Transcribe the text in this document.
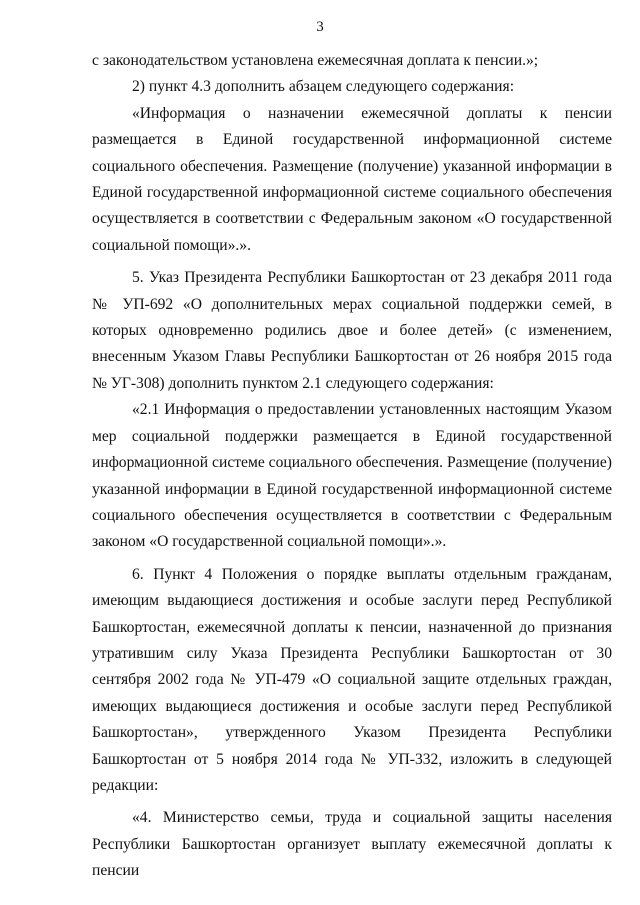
3

с законодательством установлена ежемесячная доплата к пенсии.»;

2) пункт 4.3 дополнить абзацем следующего содержания:

«Информация о назначении ежемесячной доплаты к пенсии размещается в Единой государственной информационной системе социального обеспечения. Размещение (получение) указанной информации в Единой государственной информационной системе социального обеспечения осуществляется в соответствии с Федеральным законом «О государственной социальной помощи».».

5. Указ Президента Республики Башкортостан от 23 декабря 2011 года № УП-692 «О дополнительных мерах социальной поддержки семей, в которых одновременно родились двое и более детей» (с изменением, внесенным Указом Главы Республики Башкортостан от 26 ноября 2015 года № УГ-308) дополнить пунктом 2.1 следующего содержания:

«2.1 Информация о предоставлении установленных настоящим Указом мер социальной поддержки размещается в Единой государственной информационной системе социального обеспечения. Размещение (получение) указанной информации в Единой государственной информационной системе социального обеспечения осуществляется в соответствии с Федеральным законом «О государственной социальной помощи».».

6. Пункт 4 Положения о порядке выплаты отдельным гражданам, имеющим выдающиеся достижения и особые заслуги перед Республикой Башкортостан, ежемесячной доплаты к пенсии, назначенной до признания утратившим силу Указа Президента Республики Башкортостан от 30 сентября 2002 года № УП-479 «О социальной защите отдельных граждан, имеющих выдающиеся достижения и особые заслуги перед Республикой Башкортостан», утвержденного Указом Президента Республики Башкортостан от 5 ноября 2014 года № УП-332, изложить в следующей редакции:

«4. Министерство семьи, труда и социальной защиты населения Республики Башкортостан организует выплату ежемесячной доплаты к пенсии
